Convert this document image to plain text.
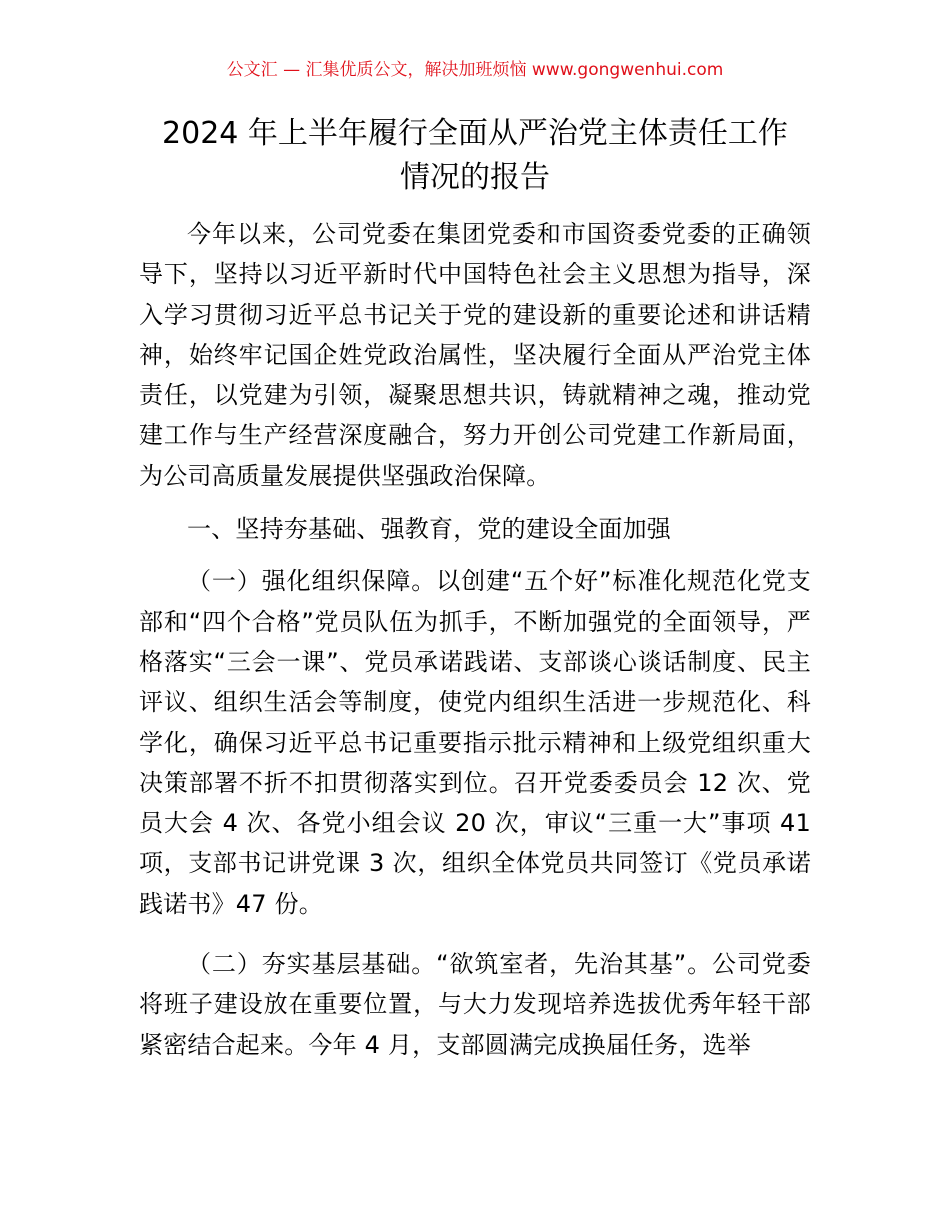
公文汇 — 汇集优质公文，解决加班烦恼 www.gongwenhui.com
2024 年上半年履行全面从严治党主体责任工作
情况的报告

今年以来，公司党委在集团党委和市国资委党委的正确领导下，坚持以习近平新时代中国特色社会主义思想为指导，深入学习贯彻习近平总书记关于党的建设新的重要论述和讲话精神，始终牢记国企姓党政治属性，坚决履行全面从严治党主体责任，以党建为引领，凝聚思想共识，铸就精神之魂，推动党建工作与生产经营深度融合，努力开创公司党建工作新局面，为公司高质量发展提供坚强政治保障。

一、坚持夯基础、强教育，党的建设全面加强

（一）强化组织保障。以创建“五个好”标准化规范化党支部和“四个合格”党员队伍为抓手，不断加强党的全面领导，严格落实“三会一课”、党员承诺践诺、支部谈心谈话制度、民主评议、组织生活会等制度，使党内组织生活进一步规范化、科学化，确保习近平总书记重要指示批示精神和上级党组织重大决策部署不折不扣贯彻落实到位。召开党委委员会 12 次、党员大会 4 次、各党小组会议 20 次，审议“三重一大”事项 41 项，支部书记讲党课 3 次，组织全体党员共同签订《党员承诺践诺书》47 份。

（二）夯实基层基础。“欲筑室者，先治其基”。公司党委将班子建设放在重要位置，与大力发现培养选拔优秀年轻干部紧密结合起来。今年 4 月，支部圆满完成换届任务，选举
